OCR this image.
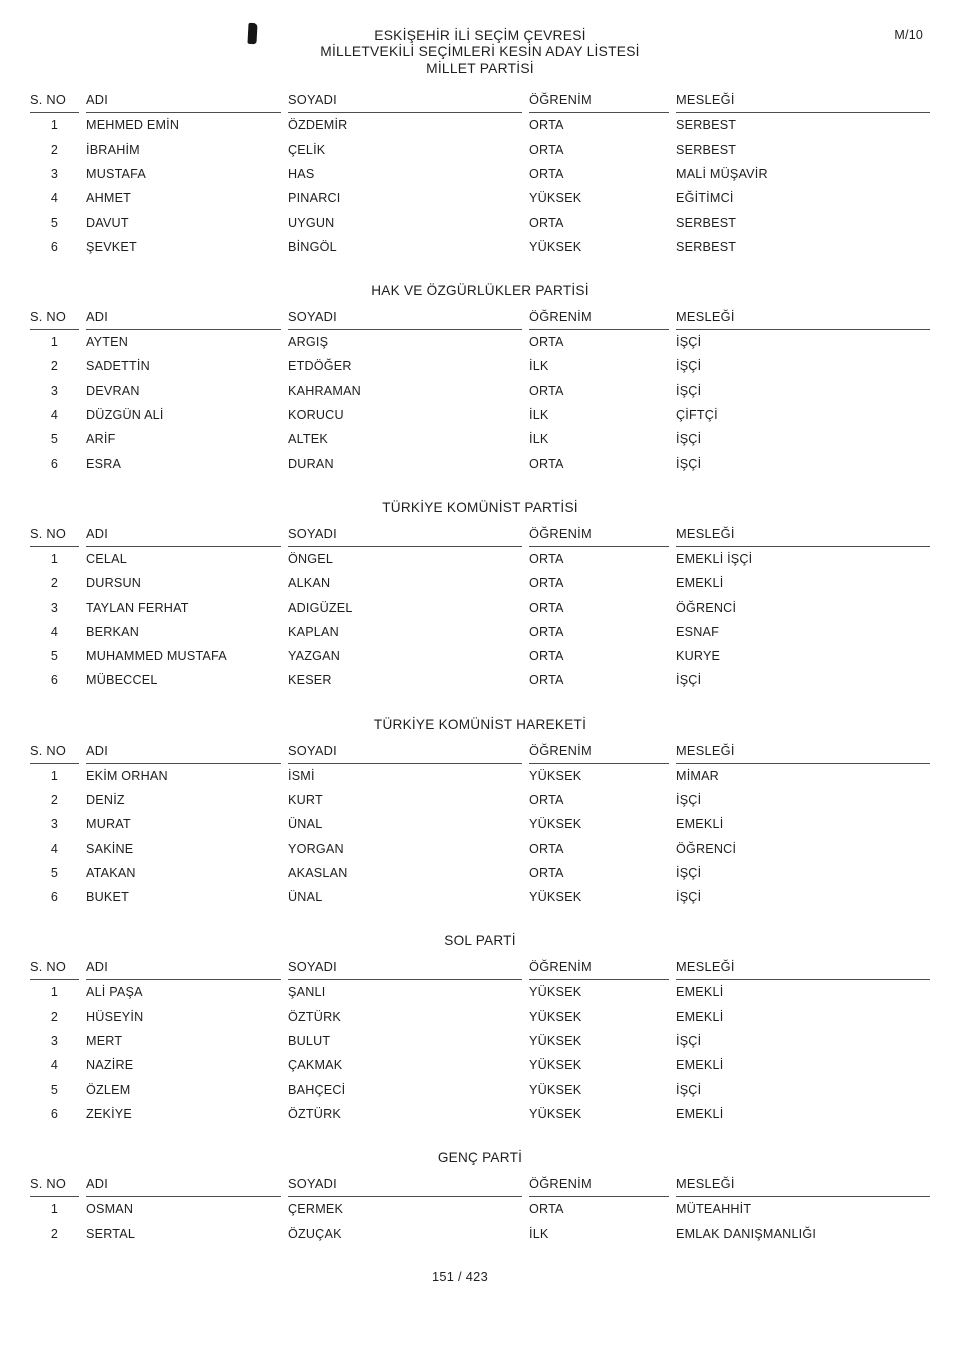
M/10
ESKİŞEHİR İLİ SEÇİM ÇEVRESİ
MİLLETVEKİLİ SEÇİMLERİ KESİN ADAY LİSTESİ
MİLLET PARTİSİ
S. NO	ADI	SOYADI	ÖĞRENİM	MESLEĞİ
1	MEHMED EMİN	ÖZDEMİR	ORTA	SERBEST
2	İBRAHİM	ÇELİK	ORTA	SERBEST
3	MUSTAFA	HAS	ORTA	MALİ MÜŞAVİR
4	AHMET	PINARCI	YÜKSEK	EĞİTİMCİ
5	DAVUT	UYGUN	ORTA	SERBEST
6	ŞEVKET	BİNGÖL	YÜKSEK	SERBEST
HAK VE ÖZGÜRLÜKLER PARTİSİ
S. NO	ADI	SOYADI	ÖĞRENİM	MESLEĞİ
1	AYTEN	ARGIŞ	ORTA	İŞÇİ
2	SADETTİN	ETDÖĞER	İLK	İŞÇİ
3	DEVRAN	KAHRAMAN	ORTA	İŞÇİ
4	DÜZGÜN ALİ	KORUCU	İLK	ÇİFTÇİ
5	ARİF	ALTEK	İLK	İŞÇİ
6	ESRA	DURAN	ORTA	İŞÇİ
TÜRKİYE KOMÜNİST PARTİSİ
S. NO	ADI	SOYADI	ÖĞRENİM	MESLEĞİ
1	CELAL	ÖNGEL	ORTA	EMEKLİ İŞÇİ
2	DURSUN	ALKAN	ORTA	EMEKLİ
3	TAYLAN FERHAT	ADIGÜZEL	ORTA	ÖĞRENCİ
4	BERKAN	KAPLAN	ORTA	ESNAF
5	MUHAMMED MUSTAFA	YAZGAN	ORTA	KURYE
6	MÜBECCEL	KESER	ORTA	İŞÇİ
TÜRKİYE KOMÜNİST HAREKETİ
S. NO	ADI	SOYADI	ÖĞRENİM	MESLEĞİ
1	EKİM ORHAN	İSMİ	YÜKSEK	MİMAR
2	DENİZ	KURT	ORTA	İŞÇİ
3	MURAT	ÜNAL	YÜKSEK	EMEKLİ
4	SAKİNE	YORGAN	ORTA	ÖĞRENCİ
5	ATAKAN	AKASLAN	ORTA	İŞÇİ
6	BUKET	ÜNAL	YÜKSEK	İŞÇİ
SOL PARTİ
S. NO	ADI	SOYADI	ÖĞRENİM	MESLEĞİ
1	ALİ PAŞA	ŞANLI	YÜKSEK	EMEKLİ
2	HÜSEYİN	ÖZTÜRK	YÜKSEK	EMEKLİ
3	MERT	BULUT	YÜKSEK	İŞÇİ
4	NAZİRE	ÇAKMAK	YÜKSEK	EMEKLİ
5	ÖZLEM	BAHÇECİ	YÜKSEK	İŞÇİ
6	ZEKİYE	ÖZTÜRK	YÜKSEK	EMEKLİ
GENÇ PARTİ
S. NO	ADI	SOYADI	ÖĞRENİM	MESLEĞİ
1	OSMAN	ÇERMEK	ORTA	MÜTEAHHİT
2	SERTAL	ÖZUÇAK	İLK	EMLAK DANIŞMANLIĞI
151 / 423
